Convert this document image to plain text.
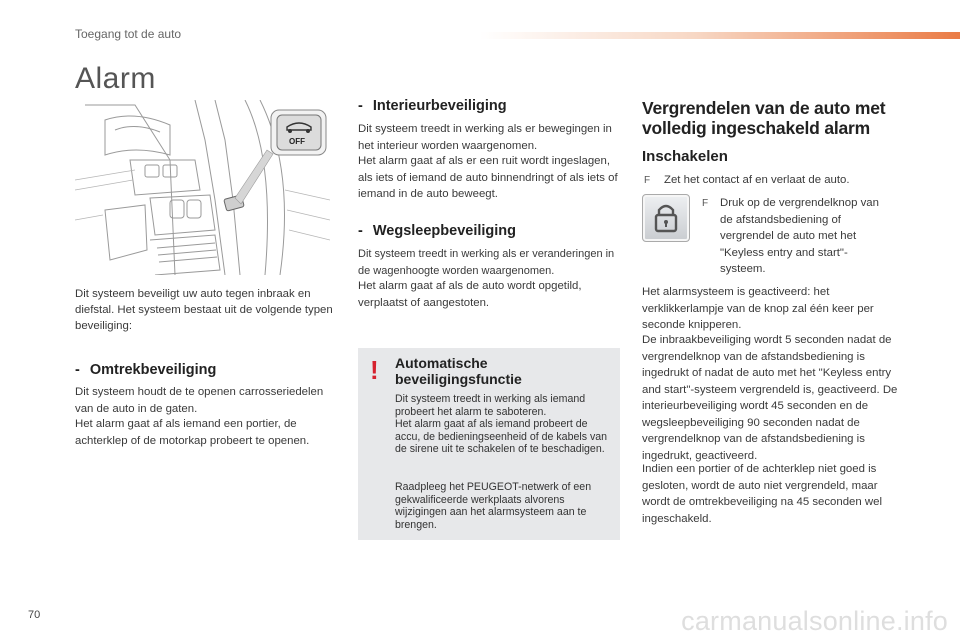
Toegang tot de auto
Alarm
OFF
Dit systeem beveiligt uw auto tegen inbraak en diefstal. Het systeem bestaat uit de volgende typen beveiliging:
- Omtrekbeveiliging
Dit systeem houdt de te openen carrosseriedelen van de auto in de gaten.
Het alarm gaat af als iemand een portier, de achterklep of de motorkap probeert te openen.
- Interieurbeveiliging
Dit systeem treedt in werking als er bewegingen in het interieur worden waargenomen.
Het alarm gaat af als er een ruit wordt ingeslagen, als iets of iemand de auto binnendringt of als iets of iemand in de auto beweegt.
- Wegsleepbeveiliging
Dit systeem treedt in werking als er veranderingen in de wagenhoogte worden waargenomen.
Het alarm gaat af als de auto wordt opgetild, verplaatst of aangestoten.
! Automatische beveiligingsfunctie
Dit systeem treedt in werking als iemand probeert het alarm te saboteren.
Het alarm gaat af als iemand probeert de accu, de bedieningseenheid of de kabels van de sirene uit te schakelen of te beschadigen.
Raadpleeg het PEUGEOT-netwerk of een gekwalificeerde werkplaats alvorens wijzigingen aan het alarmsysteem aan te brengen.
Vergrendelen van de auto met volledig ingeschakeld alarm
Inschakelen
F Zet het contact af en verlaat de auto.
F Druk op de vergrendelknop van de afstandsbediening of vergrendel de auto met het "Keyless entry and start"-systeem.
Het alarmsysteem is geactiveerd: het verklikkerlampje van de knop zal één keer per seconde knipperen.
De inbraakbeveiliging wordt 5 seconden nadat de vergrendelknop van de afstandsbediening is ingedrukt of nadat de auto met het "Keyless entry and start"-systeem vergrendeld is, geactiveerd. De interieurbeveiliging wordt 45 seconden en de wegsleepbeveiliging 90 seconden nadat de vergrendelknop van de afstandsbediening is ingedrukt, geactiveerd.
Indien een portier of de achterklep niet goed is gesloten, wordt de auto niet vergrendeld, maar wordt de omtrekbeveiliging na 45 seconden wel ingeschakeld.
70	carmanualsonline.info
